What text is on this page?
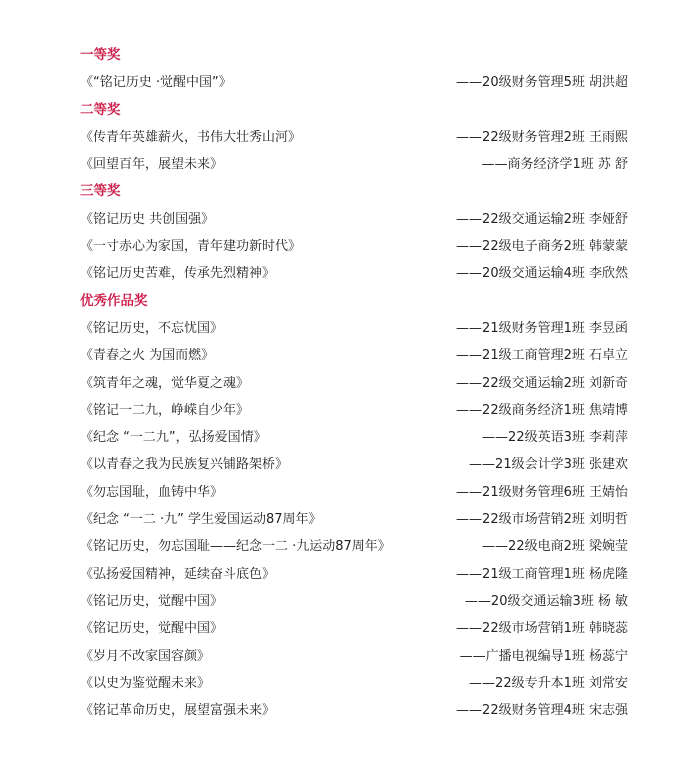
一等奖
《“铭记历史 ·觉醒中国”》	——20级财务管理5班 胡洪超
二等奖
《传青年英雄薪火，书伟大壮秀山河》	——22级财务管理2班 王雨熙
《回望百年，展望未来》	——商务经济学1班 苏 舒
三等奖
《铭记历史 共创国强》	——22级交通运输2班 李娅舒
《一寸赤心为家国，青年建功新时代》	——22级电子商务2班 韩蒙蒙
《铭记历史苦难，传承先烈精神》	——20级交通运输4班 李欣然
优秀作品奖
《铭记历史，不忘忧国》	——21级财务管理1班 李昱函
《青春之火 为国而燃》	——21级工商管理2班 石卓立
《筑青年之魂，觉华夏之魂》	——22级交通运输2班 刘新奇
《铭记一二九，峥嵘自少年》	——22级商务经济1班 焦靖博
《纪念 “一二九”，弘扬爱国情》	——22级英语3班 李莉萍
《以青春之我为民族复兴铺路架桥》	——21级会计学3班 张建欢
《勿忘国耻，血铸中华》	——21级财务管理6班 王婧怡
《纪念 “一二 ·九” 学生爱国运动87周年》	——22级市场营销2班 刘明哲
《铭记历史，勿忘国耻——纪念一二 ·九运动87周年》	——22级电商2班 梁婉莹
《弘扬爱国精神，延续奋斗底色》	——21级工商管理1班 杨虎隆
《铭记历史，觉醒中国》	——20级交通运输3班 杨 敏
《铭记历史，觉醒中国》	——22级市场营销1班 韩晓蕊
《岁月不改家国容颜》	——广播电视编导1班 杨蕊宁
《以史为鉴觉醒未来》	——22级专升本1班 刘常安
《铭记革命历史，展望富强未来》	——22级财务管理4班 宋志强
